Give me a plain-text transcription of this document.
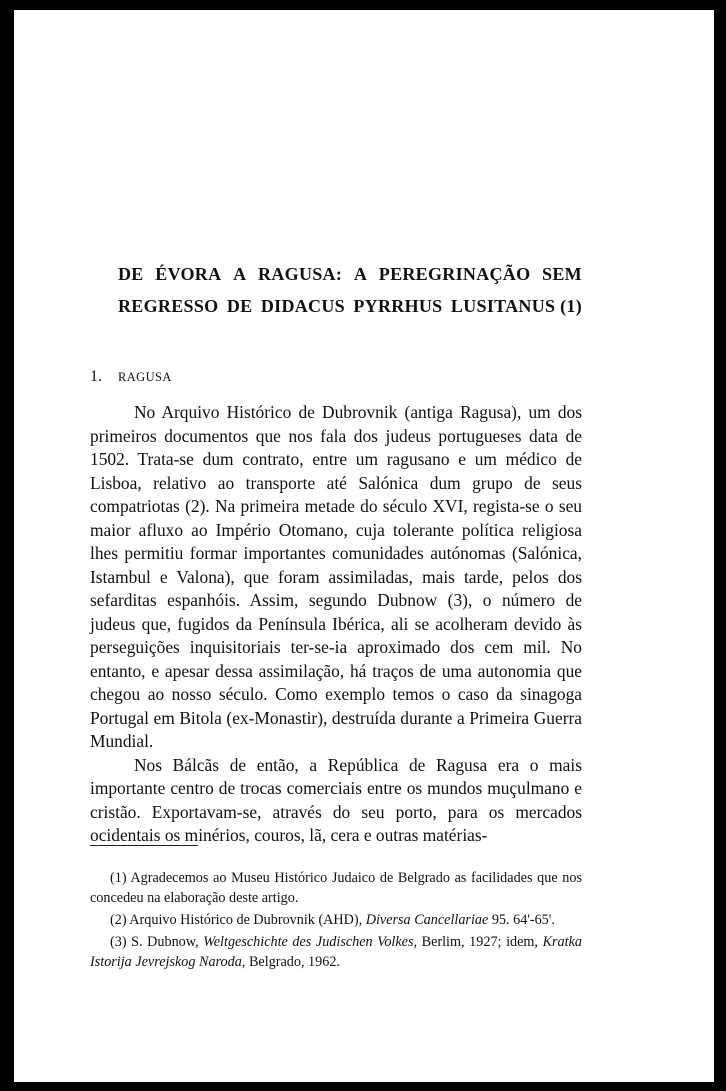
DE ÉVORA A RAGUSA: A PEREGRINAÇÃO SEM
REGRESSO DE DIDACUS PYRRHUS LUSITANUS (1)
1. RAGUSA

No Arquivo Histórico de Dubrovnik (antiga Ragusa), um dos primeiros documentos que nos fala dos judeus portugueses data de 1502. Trata-se dum contrato, entre um ragusano e um médico de Lisboa, relativo ao transporte até Salónica dum grupo de seus compatriotas (2). Na primeira metade do século XVI, regista-se o seu maior afluxo ao Império Otomano, cuja tolerante política religiosa lhes permitiu formar importantes comunidades autónomas (Salónica, Istambul e Valona), que foram assimiladas, mais tarde, pelos dos sefarditas espanhóis. Assim, segundo Dubnow (3), o número de judeus que, fugidos da Península Ibérica, ali se acolheram devido às perseguições inquisitoriais ter-se-ia aproximado dos cem mil. No entanto, e apesar dessa assimilação, há traços de uma autonomia que chegou ao nosso século. Como exemplo temos o caso da sinagoga Portugal em Bitola (ex-Monastir), destruída durante a Primeira Guerra Mundial.

Nos Bálcãs de então, a República de Ragusa era o mais importante centro de trocas comerciais entre os mundos muçulmano e cristão. Exportavam-se, através do seu porto, para os mercados ocidentais os minérios, couros, lã, cera e outras matérias-

(1) Agradecemos ao Museu Histórico Judaico de Belgrado as facilidades que nos concedeu na elaboração deste artigo.

(2) Arquivo Histórico de Dubrovnik (AHD), Diversa Cancellariae 95. 64'-65'.

(3) S. Dubnow, Weltgeschichte des Judischen Volkes, Berlim, 1927; idem, Kratka Istorija Jevrejskog Naroda, Belgrado, 1962.
